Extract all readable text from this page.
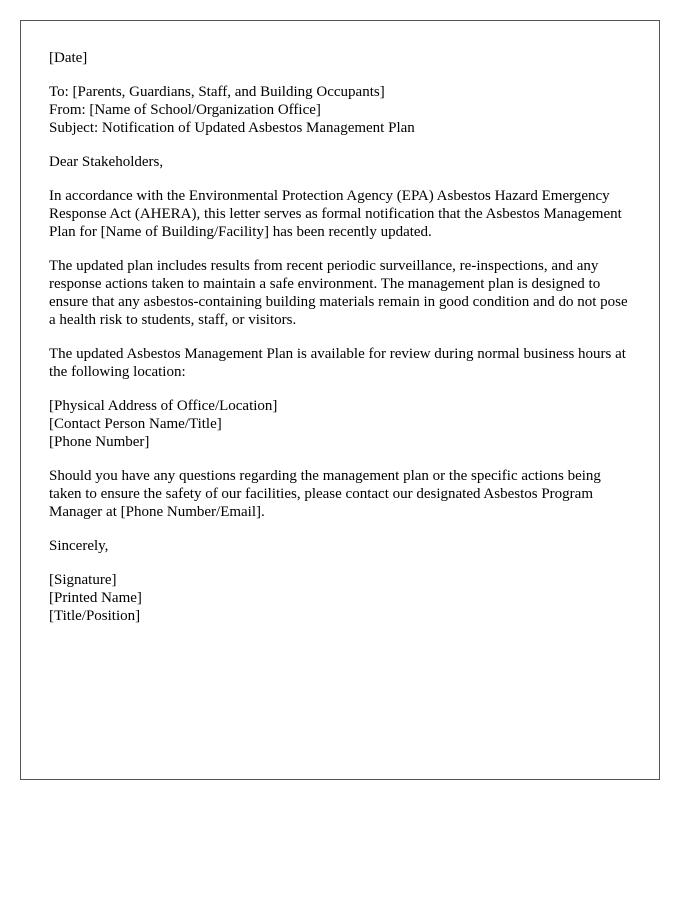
[Date]

To: [Parents, Guardians, Staff, and Building Occupants]
From: [Name of School/Organization Office]
Subject: Notification of Updated Asbestos Management Plan

Dear Stakeholders,

In accordance with the Environmental Protection Agency (EPA) Asbestos Hazard Emergency Response Act (AHERA), this letter serves as formal notification that the Asbestos Management Plan for [Name of Building/Facility] has been recently updated.

The updated plan includes results from recent periodic surveillance, re-inspections, and any response actions taken to maintain a safe environment. The management plan is designed to ensure that any asbestos-containing building materials remain in good condition and do not pose a health risk to students, staff, or visitors.

The updated Asbestos Management Plan is available for review during normal business hours at the following location:

[Physical Address of Office/Location]
[Contact Person Name/Title]
[Phone Number]

Should you have any questions regarding the management plan or the specific actions being taken to ensure the safety of our facilities, please contact our designated Asbestos Program Manager at [Phone Number/Email].

Sincerely,

[Signature]
[Printed Name]
[Title/Position]
